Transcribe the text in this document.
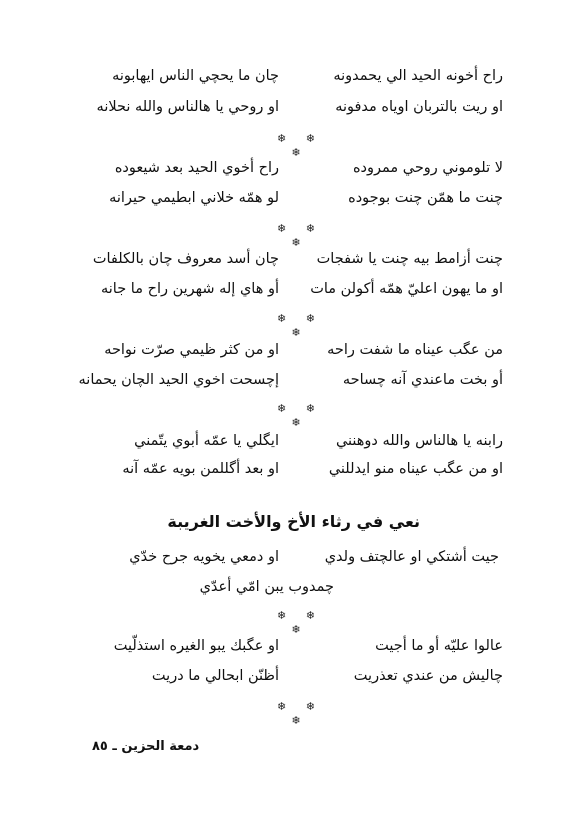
راح أخونه الحيد الي يحمدونه
چان ما يحچي الناس ايهابونه
او ريت بالتربان اوياه مدفونه
او روحي يا هالناس والله نحلانه
❄ ❄ ❄
لا تلوموني روحي ممروده
راح أخوي الحيد بعد شيعوده
چنت ما همّن چنت بوجوده
لو همّه خلاني ابطيمي حيرانه
❄ ❄ ❄
چنت أزامط بيه چنت يا شفجات
چان أسد معروف چان بالكلفات
او ما يهون اعليّ همّه أكولن مات
أو هاي إله شهرين راح ما جانه
❄ ❄ ❄
من عگب عيناه ما شفت راحه
او من كثر ظيمي صرّت نواحه
أو بخت ماعندي آنه چساحه
إچسحت اخوي الحيد الچان يحمانه
❄ ❄ ❄
رابنه يا هالناس والله دوهنني
ايگلي يا عمّه أبوي يتّمني
او من عگب عيناه منو ايدللني
او بعد أگللمن بويه عمّه آنه
نعي في رثاء الأخ والأخت الغريبة
جيت أشتكي او عالچتف ولدي
او دمعي يخويه جرح خدّي
چمدوب يبن امّي أعدّي
❄ ❄ ❄
عالوا عليّه أو ما أجيت
او عگبك يبو الغيره استذلّيت
چاليش من عندي تعذريت
أظنّن ابحالي ما دريت
❄ ❄ ❄
دمعة الحزين ـ ٨٥
